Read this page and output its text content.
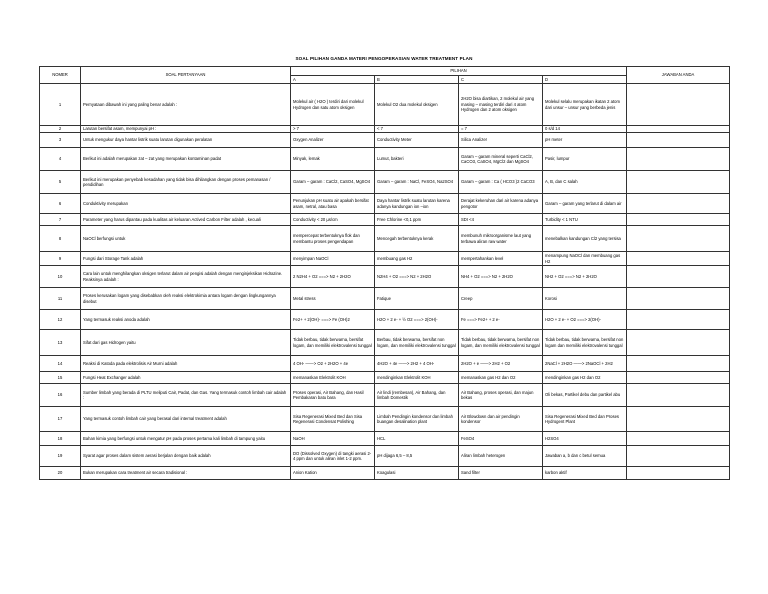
SOAL PILIHAN GANDA MATERI PENGOPERASIAN WATER TREATMENT PLAN
NOMER	SOAL PERTANYAAN	PILIHAN				JAWABAN ANDA
		A	B	C	D	
1	Pernyataan dibawah ini yang paling benar adalah :	Molekul air ( H2O ) terdiri dari molekul Hydrogen dan satu atom oksigen	Molekul O2 dua molekul oksigen	2H2O bisa diartikan, 2 molekul air yang masing – masing terdiri dari 4 atom Hydrogen dan 2 atom oksigen	Molekul selalu merupakan ikatan 2 atom dari unsur – unsur yang berbeda jenis	
2	Larutan bersifat asam, mempunyai pH :	> 7	< 7	= 7	0 s/d 14	
3	Untuk mengukur daya hantar listrik suatu larutan digunakan peralatan	Oxygen Analizer	Conductivity Meter	Silica Analizer	pH meter	
4	Berikut ini adalah merupakan zat – zat yang merupakan kontaminan padat	Minyak, lemak	Lumut, bakteri	Garam – garam mineral seperti CaCl2, CaCO3, CaSO4, MgCl2 dan MgSO4	Pasir, lumpur	
5	Berikut ini merupakan penyebab kesadahan yang tidak bisa dihilangkan dengan proses pemanasan / pendidihan	Garam – garam : CaCl2, CaSO4, MgSO4	Garam – garam : NaCl, FeSO4, Na2SO4	Garam – garam : Ca ( HCO3 )2 CaCO3	A, B, dan C salah	
6	Conduktivity merupakan	Penunjukan pH suatu air apakah bersifat asam, netral, atau basa	Daya hantar listrik suatu larutan karena adanya kandungan ion –ion	Derajat kekeruhan dari air karena adanya pengotor	Garam – garam yang terlarut di dalam air	
7	Parameter yang harus dipantau pada kualitas air keluaran Actived Carbon Filter adalah , kecuali	Conductivity < 20 µs/cm	Free Chlorine <0,1 ppm	SDI <4	Turbidity < 1 NTU	
8	NaOCl berfungsi untuk	mempercepat terbentuknya flok dan membantu proses pengendapan	Mencegah terbentuknya kerak	membunuh mikroorganisme laut yang terbawa aliran raw water	menebalkan kandungan Cl2 yang tersisa	
9	Fungsi dari Storage Tank adalah	menyimpan NaOCl	membuang gas H2	mempertahankan level	menampung NaOCl dan membuang gas H2	
10	Cara lain untuk menghilangkan oksigen terlarut dalam air pengisi adalah dengan menginjeksikan Hidrazine. Reaksinya adalah :	2 N2H4 + O2 ===> N2 + 2H2O	N2H4 + O2 ===> N2 + 2H2O	NH4 + O2 ===> N2 + 2H2O	NH2 + O2 ===> N2 + 2H2O	
11	Proses kerusakan logam yang disebabkan oleh reaksi elektrokimia antara logam dengan lingkungannya disebut	Metal stress	Fatique	Creep	Korosi	
12	Yang termasuk reaksi anoda adalah	Fe2+ + 2(OH)- ===> Fe (OH)2	H2O + 2 e- + ½ O2 ===> 2(OH)-	Fe ===> Fe2+ + 2 e-	H2O + 2 e- + O2 ===> 2(OH)-	
13	Sifat dari gas Hidrogen yaitu	Tidak berbau, tidak berwarna, bersifat logam, dan memiliki elektrovalensi tunggal	Berbau, tidak berwarna, bersifat non logam, dan memiliki elektrovalensi tunggal	Tidak berbau, tidak berwarna, bersifat non logam, dan memiliki elektrovalensi tunggal	Tidak berbau, tidak berwarna, bersifat non logam dan memiliki elektrovalensi tunggal	
14	Reaksi di Katoda pada elektrolisis Air Murni adalah	4 OH- ——> O2 + 2H2O + 4e	4H2O + 4e ——> 2H2 + 4 OH-	2H2O + e ——> 2H2 + O2	2NaCl + 2H2O ——> 2NaOCl + 2H2	
15	Fungsi Heat Exchanger adalah	memanaskan Elektrolit KOH	mendinginkan Elektrolit KOH	memanaskan gas H2 dan O2	mendinginkan gas H2 dan O2	
16	Sumber limbah yang berada di PLTU meliputi Cair, Padat, dan Gas. Yang termasuk contoh limbah cair adalah :	Proses operasi, Air Bahang, dan Hasil Pembakaran batu bara	Air lindi (rembesan), Air Bahang, dan limbah Domestik	Air Bahang, proses operasi, dan majun bekas	Oli bekas, Partikel debu dan partikel abu	
17	Yang termasuk contoh limbah cair yang berasal dari internal treatment adalah	Sisa Regenerasi Mixed Bed dan Sisa Regenerasi Condensat Polishing	Limbah Pendingin kondensor dan limbah buangan desalination plant	Air Blowdown dan air pendingin kondensor	Sisa Regenerasi Mixed Bed dan Proses Hydrogent Plant	
18	Bahan kimia yang berfungsi untuk mengatur pH pada proses pertama kali limbah di tampung yaitu	NaOH	HCL	FeSO4	H2SO4	
19	Syarat agar proses dalam sistem aerasi berjalan dengan baik adalah	DO (Dissolved Oxygen) di tangki aerasi 2-4 ppm dan untuk aliran inlet 1-2 ppm.	pH dijaga 6,5 – 8,5	Aliran limbah heterogen	Jawaban a, b dan c betul semua	
20	Bukan merupakan cara treatment air secara tradisional :	Anion Kation	Koagulasi	Sand filter	karbon aktif	
